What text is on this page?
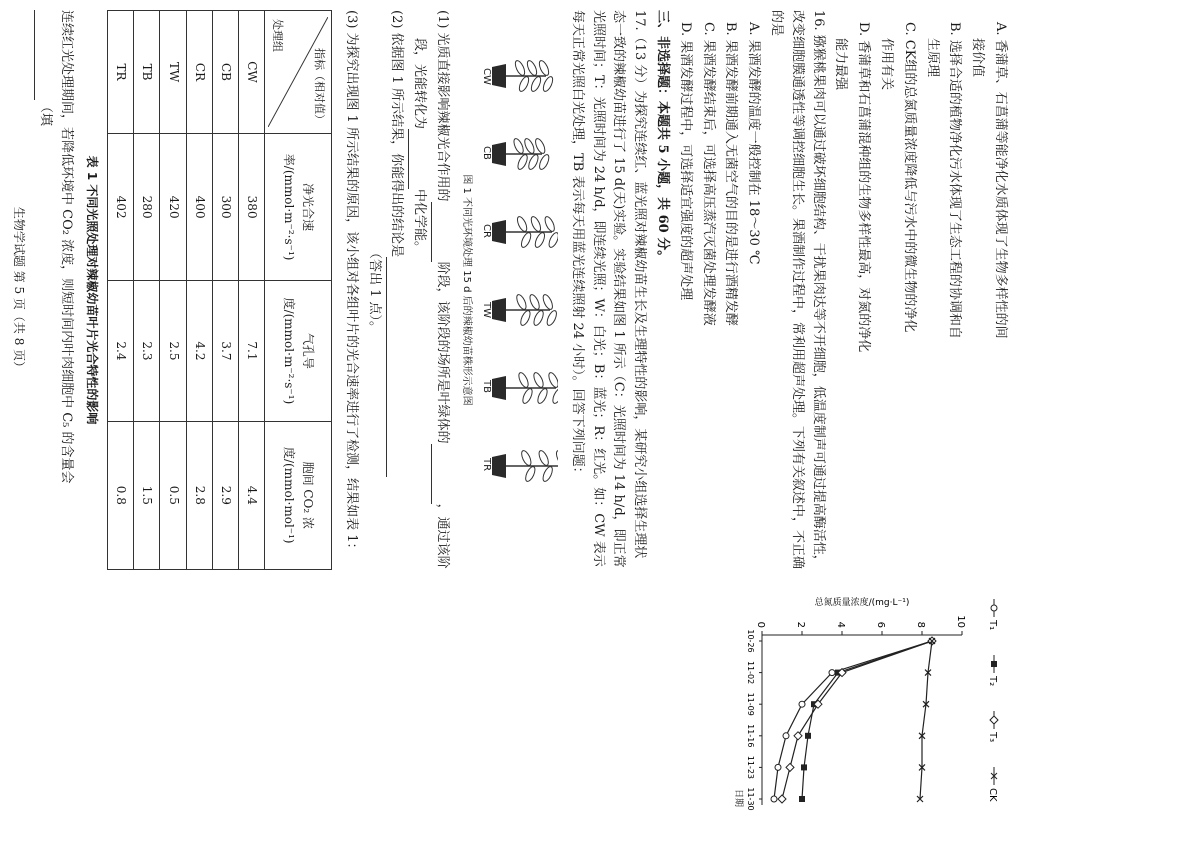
A. 香蒲草、石菖蒲等能净化水质体现了生物多样性的间
接价值
B. 选择合适的植物净化污水体现了生态工程的协调和自
生原理
C. CK组的总氮质量浓度降低与污水中的微生物的净化
作用有关
D. 香蒲草和石菖蒲混种组的生物多样性最高，对氮的净化
能力最强
16. 猕猴桃果肉可以通过破坏细胞结构、干扰果肉达等不开细胞，低温度制声可通过提高酶活性，改变细胞膜通透性等调控细胞生长。果酒制作过程中，常利用超声处理。下列有关叙述中，不正确的是
A. 果酒发酵的温度一般控制在 18～30 ℃
B. 果酒发酵前期通入无菌空气的目的是进行酒精发酵
C. 果酒发酵结束后，可选择高压蒸汽灭菌处理发酵液
D. 果酒发酵过程中，可选择适宜强度的超声处理
三、非选择题：本题共 5 小题，共 60 分。
17.（13 分）为探究连续红、蓝光照对辣椒幼苗生长及生理特性的影响，某研究小组选择生理状态一致的辣椒幼苗进行了 15 d(天)实验。实验结果如图 1 所示（C：光照时间为 14 h/d，即正常光照时间；T：光照时间为 24 h/d，即连续光照；W：白光；B：蓝光；R：红光。如：CW 表示每天正常光照白光处理，TB 表示每天用蓝光连续照射 24 小时）。回答下列问题：
CW
CB
CR
TW
TB
TR
图 1 不同光环境处理 15 d 后的辣椒幼苗株形示意图
(1) 光质直接影响辣椒光合作用的阶段，该阶段的场所是叶绿体的，通过该阶
段，光能转化为中化学能。
(2) 依据图 1 所示结果，你能得出的结论是
（答出 1 点）。
(3) 为探究出现图 1 所示结果的原因，该小组对各组叶片的光合速率进行了检测，结果如表 1：
指标（相对值）
处理组	净光合速率/(mmol·m⁻²·s⁻¹)	气孔导度/(mmol·m⁻²·s⁻¹)	胞间 CO₂ 浓度/(mmol·mol⁻¹)
CW	380	7.1	4.4
CB	300	3.7	2.9
CR	400	4.2	2.8
TW	420	2.5	0.5
TB	280	2.3	1.5
TR	402	2.4	0.8
表 1 不同光照处理对辣椒幼苗叶片光合特性的影响
连续红光处理期间，若降低环境中 CO₂ 浓度，则短时间内叶肉细胞中 C₅ 的含量会（填
生物学试题 第 5 页（共 8 页）
0	2	4	6	8	10
10-26
11-02
11-09
11-16
11-23
11-30
日期
总氮质量浓度/(mg·L⁻¹)
T₁
T₂
T₃
CK
